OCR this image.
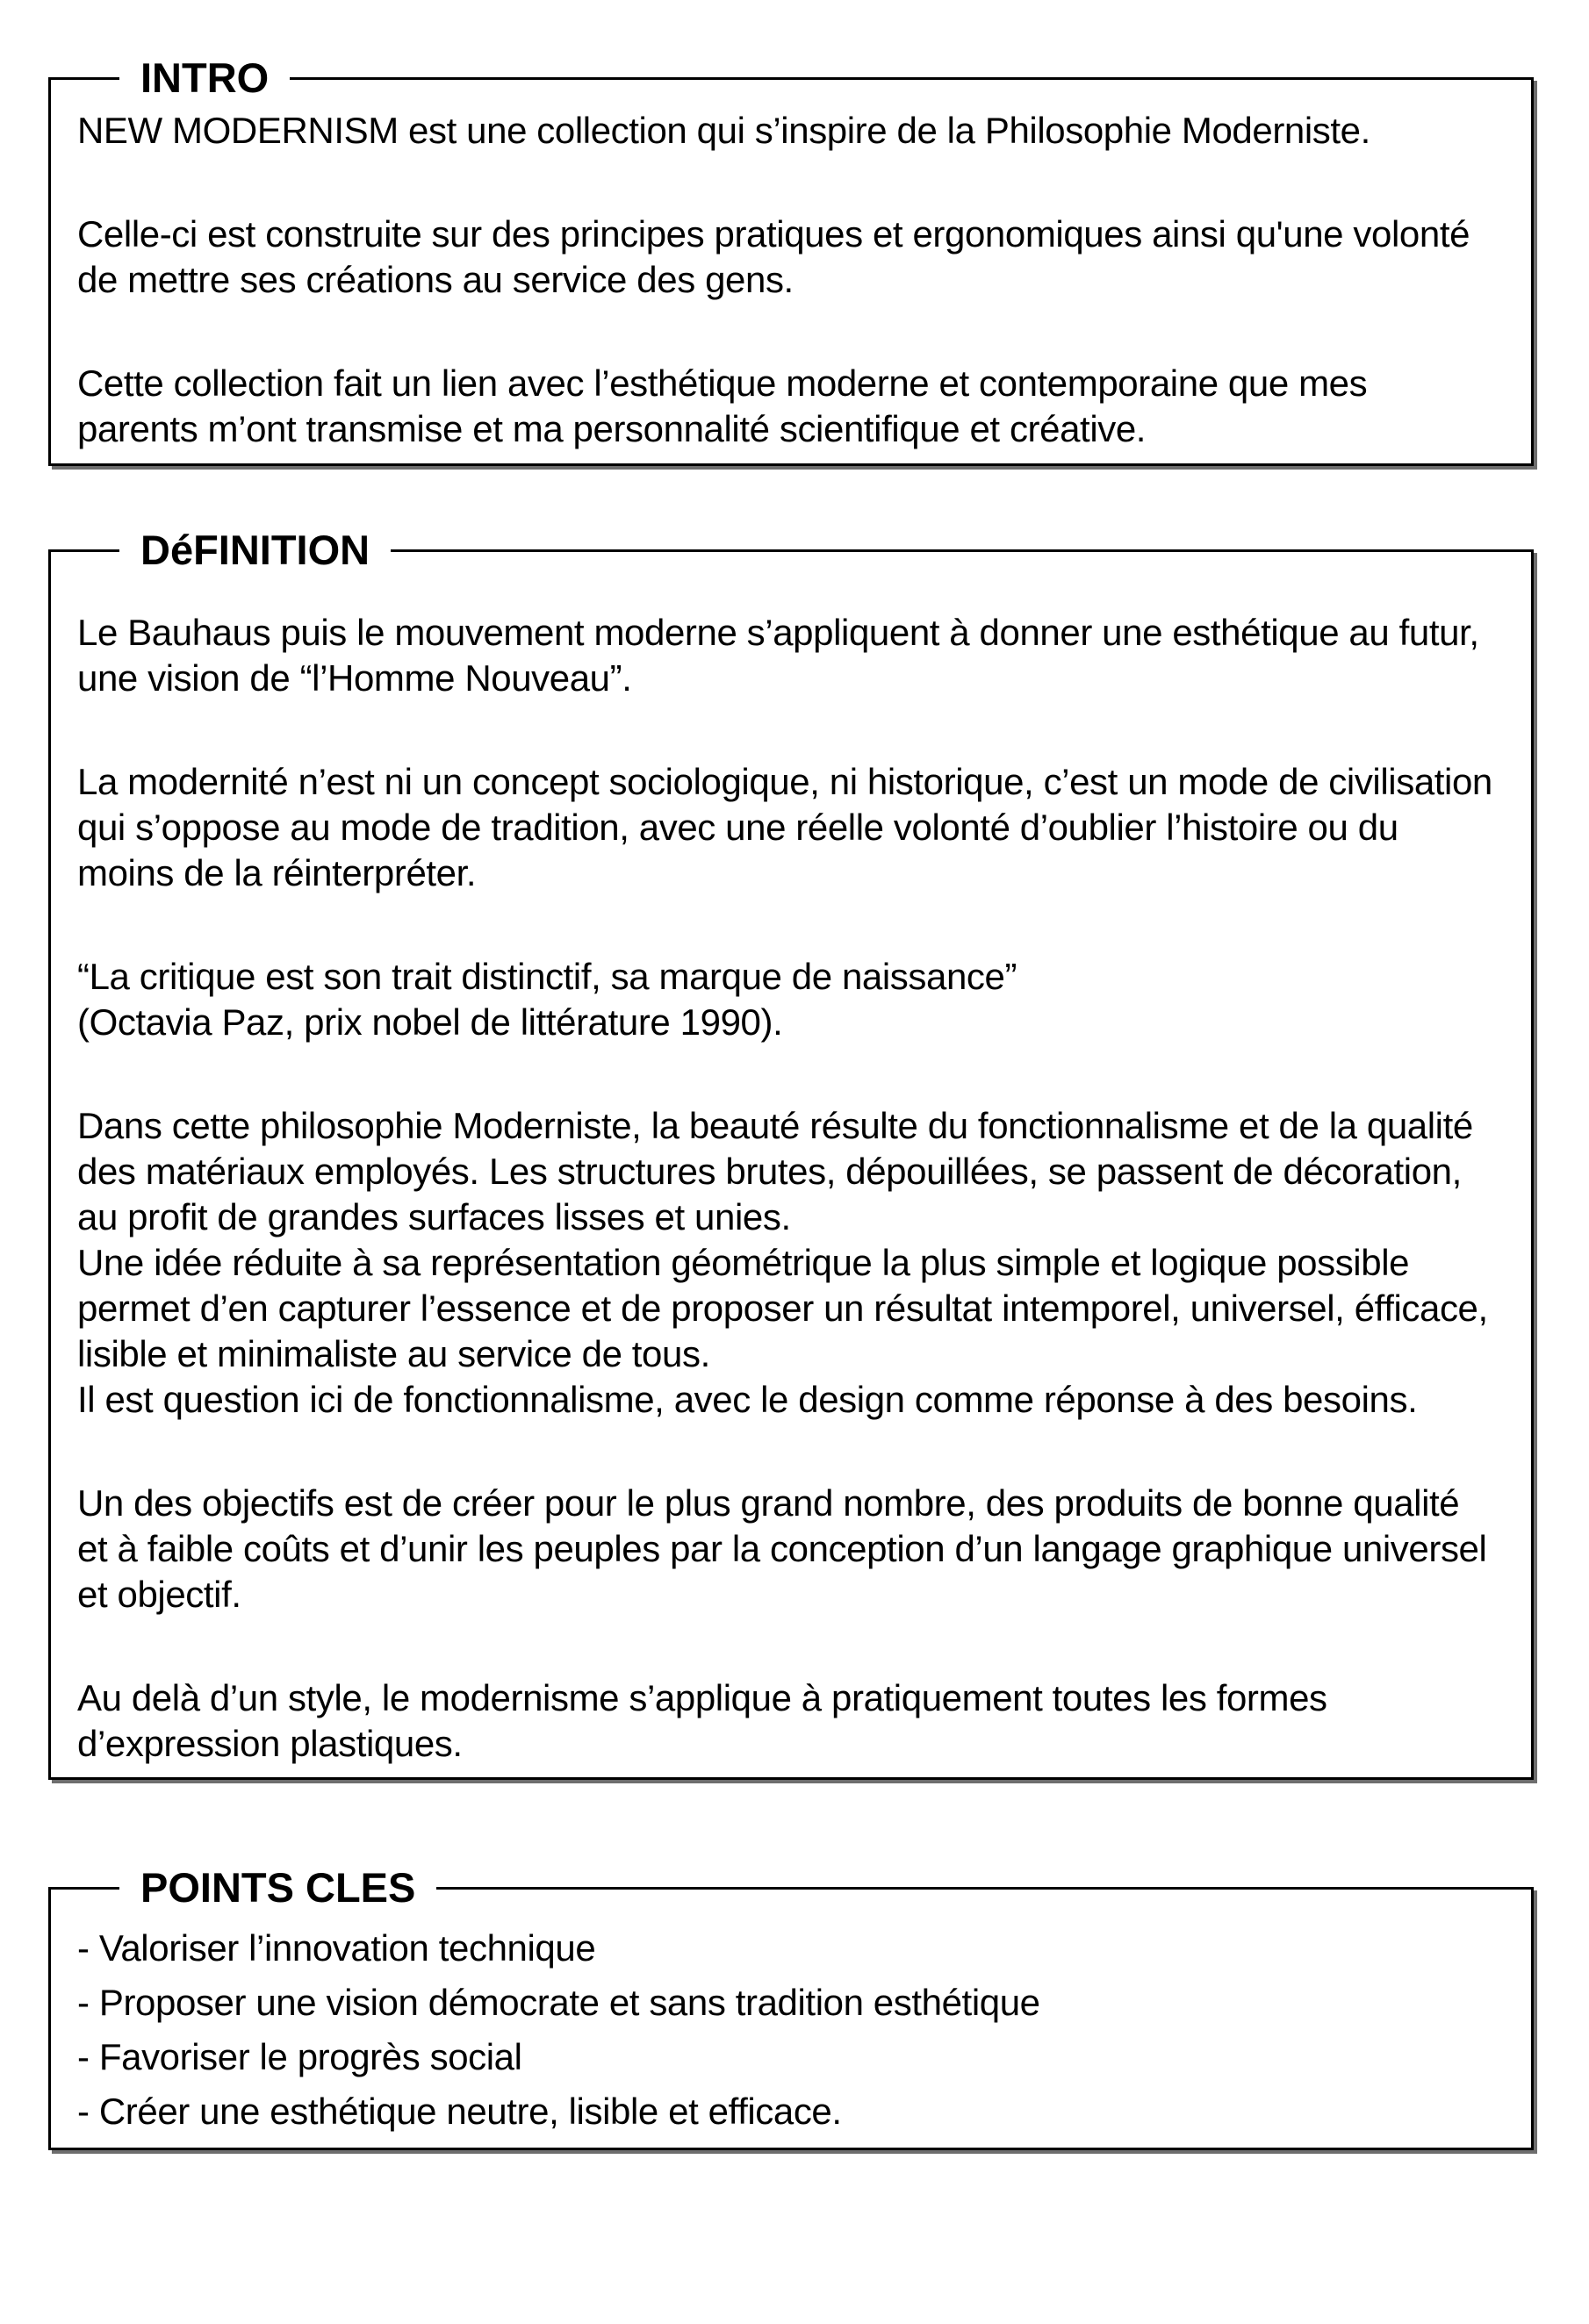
INTRO

NEW MODERNISM est une collection qui s’inspire de la Philosophie Moderniste.

Celle-ci est construite sur des principes pratiques et ergonomiques ainsi qu'une volonté de mettre ses créations au service des gens.

Cette collection fait un lien avec l’esthétique moderne et contemporaine que mes parents m’ont transmise et ma personnalité scientifique et créative.

DéFINITION

Le Bauhaus puis le mouvement moderne s’appliquent à donner une esthétique au futur, une vision de “l’Homme Nouveau”.

La modernité n’est ni un concept sociologique, ni historique, c’est un mode de civilisation qui s’oppose au mode de tradition, avec une réelle volonté d’oublier l’histoire ou du moins de la réinterpréter.

“La critique est son trait distinctif, sa marque de naissance”

(Octavia Paz, prix nobel de littérature 1990).

Dans cette philosophie Moderniste, la beauté résulte du fonctionnalisme et de la qualité des matériaux employés. Les structures brutes, dépouillées, se passent de décoration, au profit de grandes surfaces lisses et unies.

Une idée réduite à sa représentation géométrique la plus simple et logique possible permet d’en capturer l’essence et de proposer un résultat intemporel, universel, éfficace, lisible et minimaliste au service de tous.

Il est question ici de fonctionnalisme, avec le design comme réponse à des besoins.

Un des objectifs est de créer pour le plus grand nombre, des produits de bonne qualité et à faible coûts et d’unir les peuples par la conception d’un langage graphique universel et objectif.

Au delà d’un style, le modernisme s’applique à pratiquement toutes les formes d’expression plastiques.

POINTS CLES

- Valoriser l’innovation technique

- Proposer une vision démocrate et sans tradition esthétique

- Favoriser le progrès social

- Créer une esthétique neutre, lisible et efficace.
